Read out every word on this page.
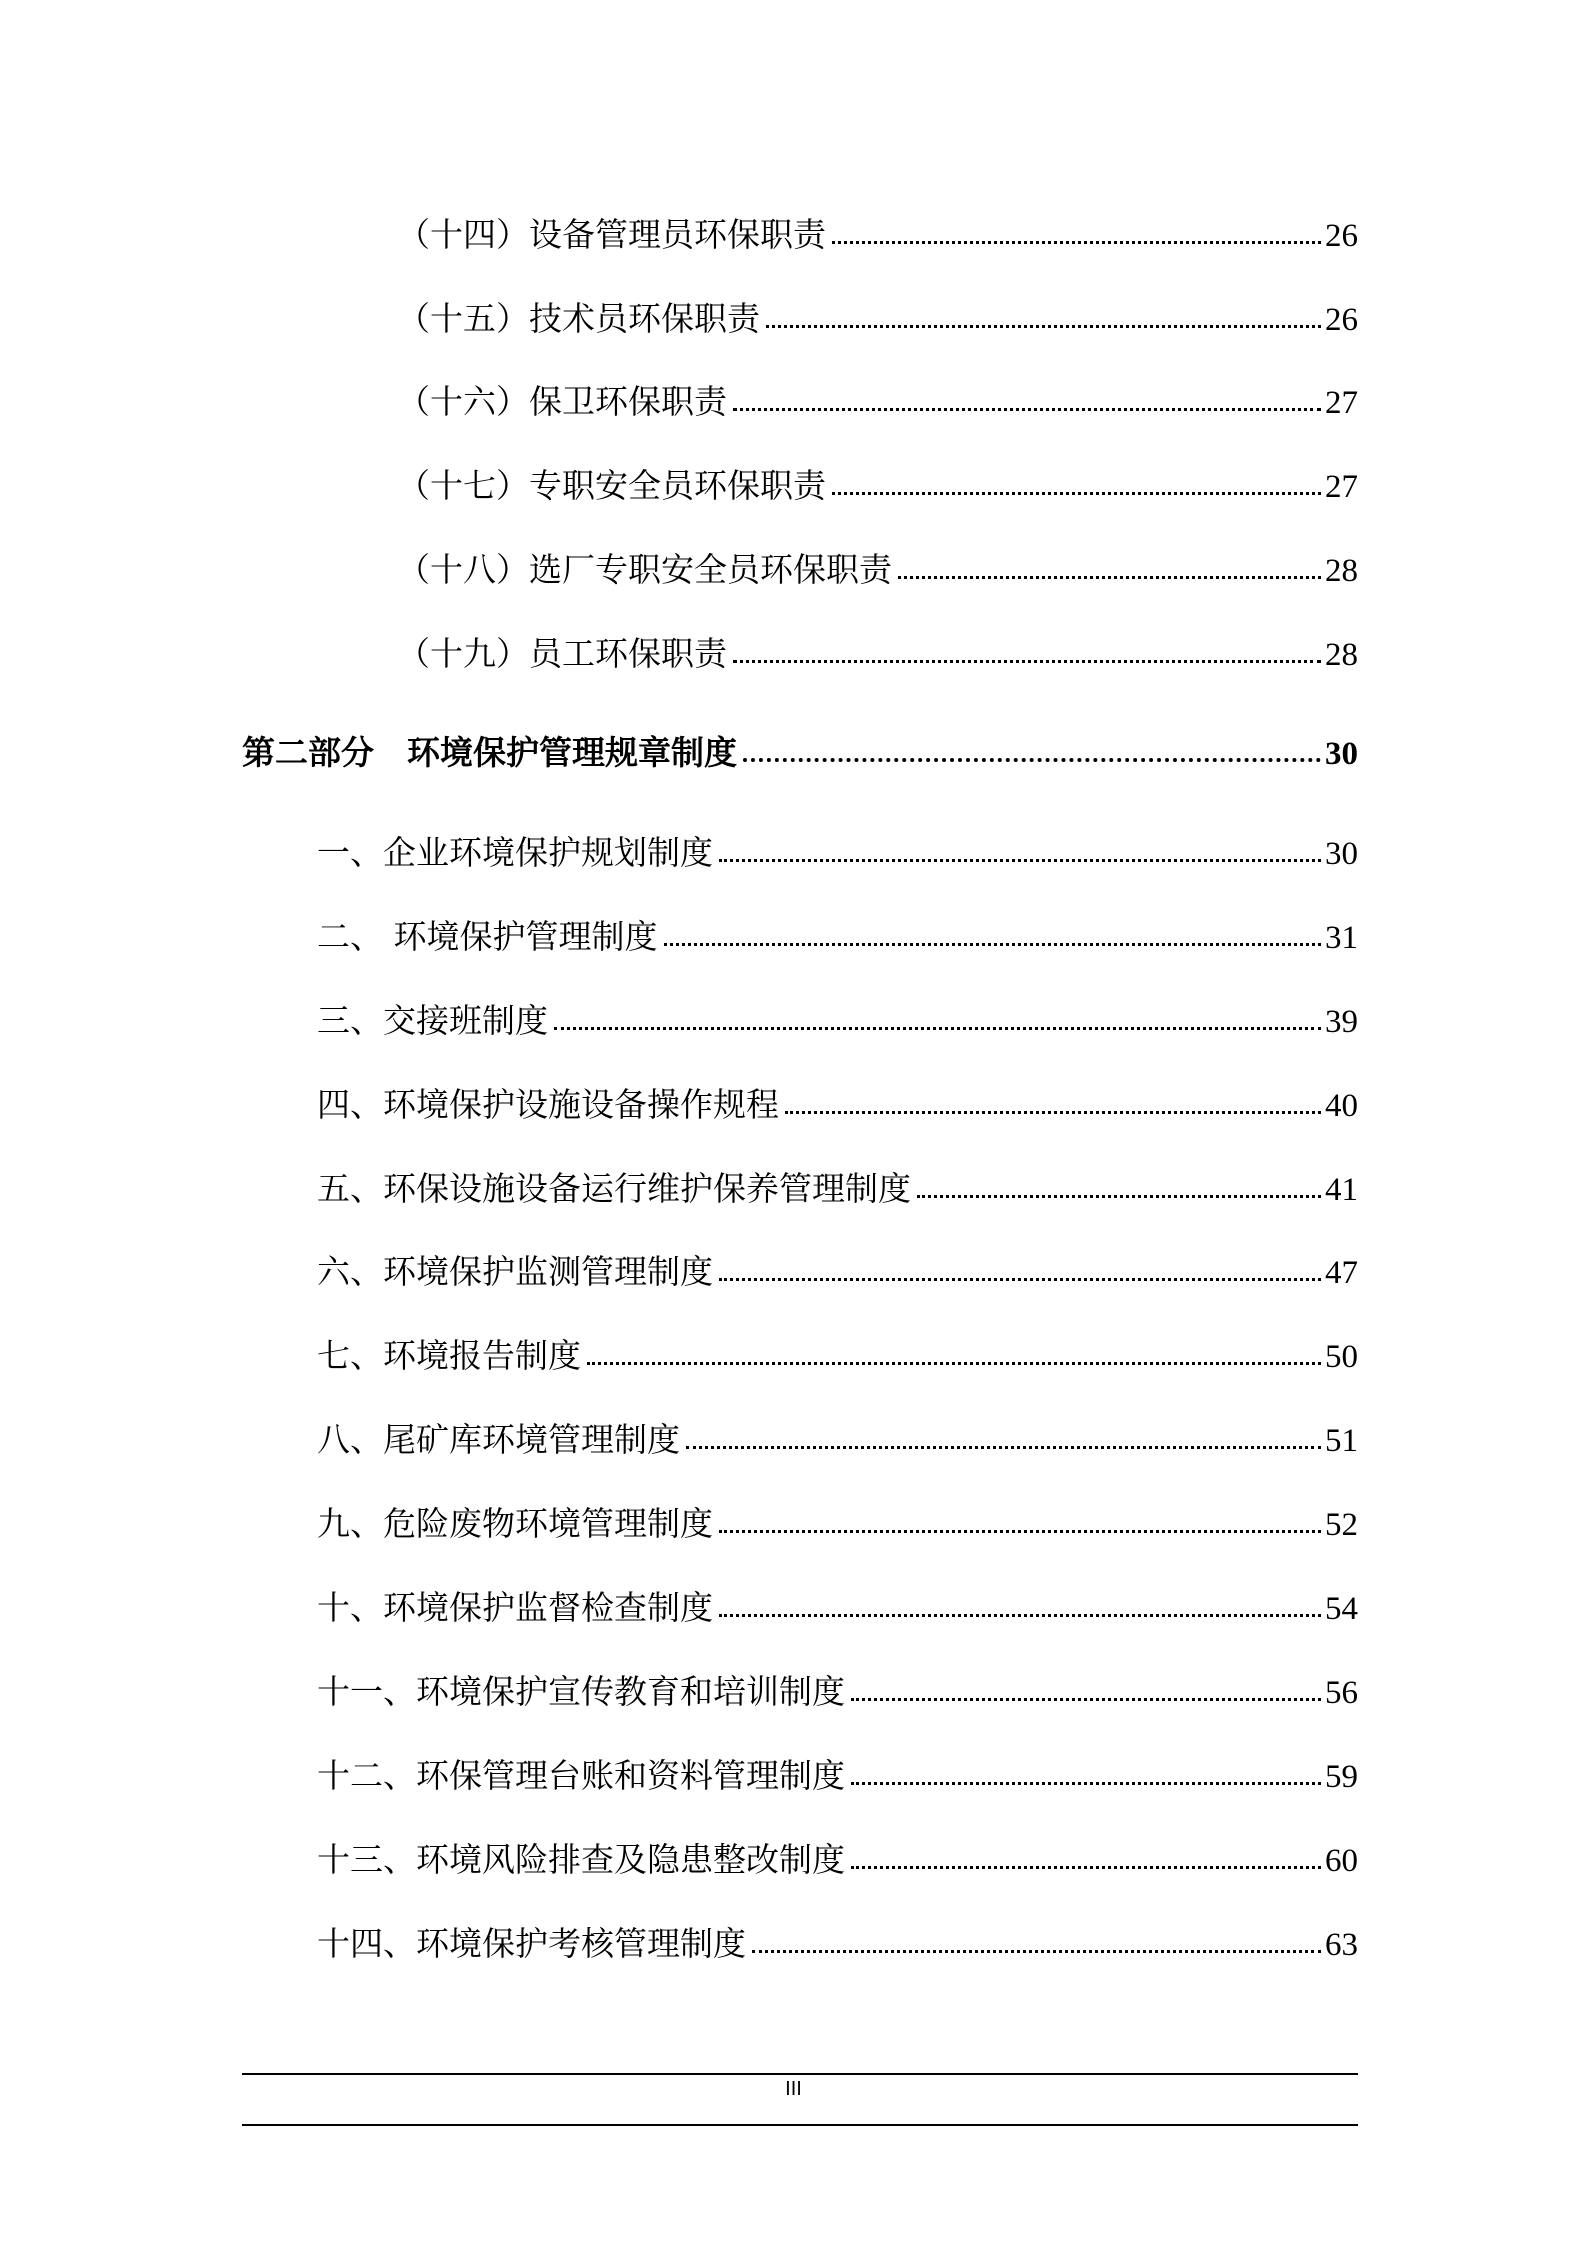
（十四）设备管理员环保职责	26
（十五）技术员环保职责	26
（十六）保卫环保职责	27
（十七）专职安全员环保职责	27
（十八）选厂专职安全员环保职责	28
（十九）员工环保职责	28
第二部分　环境保护管理规章制度	30
一、企业环境保护规划制度	30
二、 环境保护管理制度	31
三、交接班制度	39
四、环境保护设施设备操作规程	40
五、环保设施设备运行维护保养管理制度	41
六、环境保护监测管理制度	47
七、环境报告制度	50
八、尾矿库环境管理制度	51
九、危险废物环境管理制度	52
十、环境保护监督检查制度	54
十一、环境保护宣传教育和培训制度	56
十二、环保管理台账和资料管理制度	59
十三、环境风险排查及隐患整改制度	60
十四、环境保护考核管理制度	63
III
